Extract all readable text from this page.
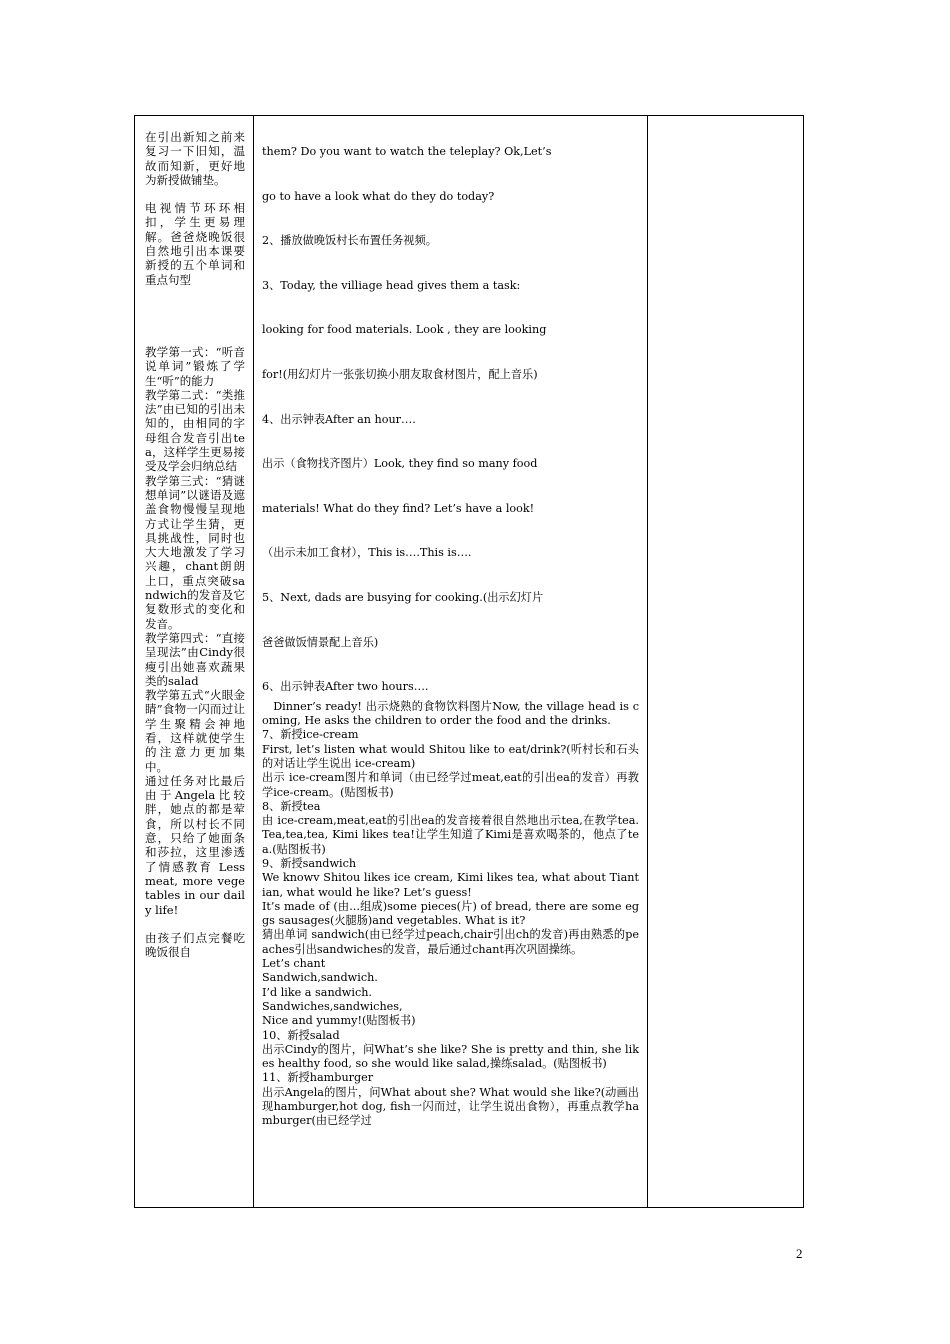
在引出新知之前来复习一下旧知，温故而知新，更好地为新授做铺垫。

电视情节环环相扣，学生更易理解。爸爸烧晚饭很自然地引出本课要新授的五个单词和重点句型

教学第一式：“听音说单词”锻炼了学生“听”的能力

教学第二式：“类推法”由已知的引出未知的，由相同的字母组合发音引出tea，这样学生更易接受及学会归纳总结

教学第三式：“猜谜想单词”以谜语及遮盖食物慢慢呈现地方式让学生猜，更具挑战性，同时也大大地激发了学习兴趣，chant朗朗上口，重点突破sandwich的发音及它复数形式的变化和发音。

教学第四式：“直接呈现法”由Cindy很瘦引出她喜欢蔬果类的salad

教学第五式“火眼金睛”食物一闪而过让学生聚精会神地看，这样就使学生的注意力更加集中。

通过任务对比最后由于Angela比较胖，她点的都是荤食，所以村长不同意，只给了她面条和莎拉，这里渗透了情感教育 Less meat, more vegetables in our daily life!

由孩子们点完餐吃晚饭很自

them? Do you want to watch the teleplay? Ok,Let’s

go to have a look what do they do today?

2、播放做晚饭村长布置任务视频。

3、Today, the villiage head gives them a task:

looking for food materials. Look , they are looking

for!(用幻灯片一张张切换小朋友取食材图片，配上音乐)

4、出示钟表After an hour….

出示（食物找齐图片）Look, they find so many food

materials! What do they find? Let’s have a look!

（出示未加工食材），This is….This is….

5、Next, dads are busying for cooking.(出示幻灯片

爸爸做饭情景配上音乐)

6、出示钟表After two hours….

Dinner’s ready! 出示烧熟的食物饮料图片Now, the village head is coming, He asks the children to order the food and the drinks.

7、新授ice-cream

First, let’s listen what would Shitou like to eat/drink?(听村长和石头的对话让学生说出 ice-cream)

出示 ice-cream图片和单词（由已经学过meat,eat的引出ea的发音）再教学ice-cream。(贴图板书)

8、新授tea

由 ice-cream,meat,eat的引出ea的发音接着很自然地出示tea,在教学tea. Tea,tea,tea, Kimi likes tea!让学生知道了Kimi是喜欢喝茶的，他点了tea.(贴图板书)

9、新授sandwich

We knowv Shitou likes ice cream, Kimi likes tea, what about Tiantian, what would he like? Let’s guess!

It’s made of (由...组成)some pieces(片) of bread, there are some eggs sausages(火腿肠)and vegetables. What is it?

猜出单词 sandwich(由已经学过peach,chair引出ch的发音)再由熟悉的peaches引出sandwiches的发音，最后通过chant再次巩固操练。

Let’s chant

Sandwich,sandwich.

I’d like a sandwich.

Sandwiches,sandwiches,

Nice and yummy!(贴图板书)

10、新授salad

出示Cindy的图片，问What’s she like? She is pretty and thin, she likes healthy food, so she would like salad,操练salad。(贴图板书)

11、新授hamburger

出示Angela的图片，问What about she? What would she like?(动画出现hamburger,hot dog, fish一闪而过，让学生说出食物），再重点教学hamburger(由已经学过

2
